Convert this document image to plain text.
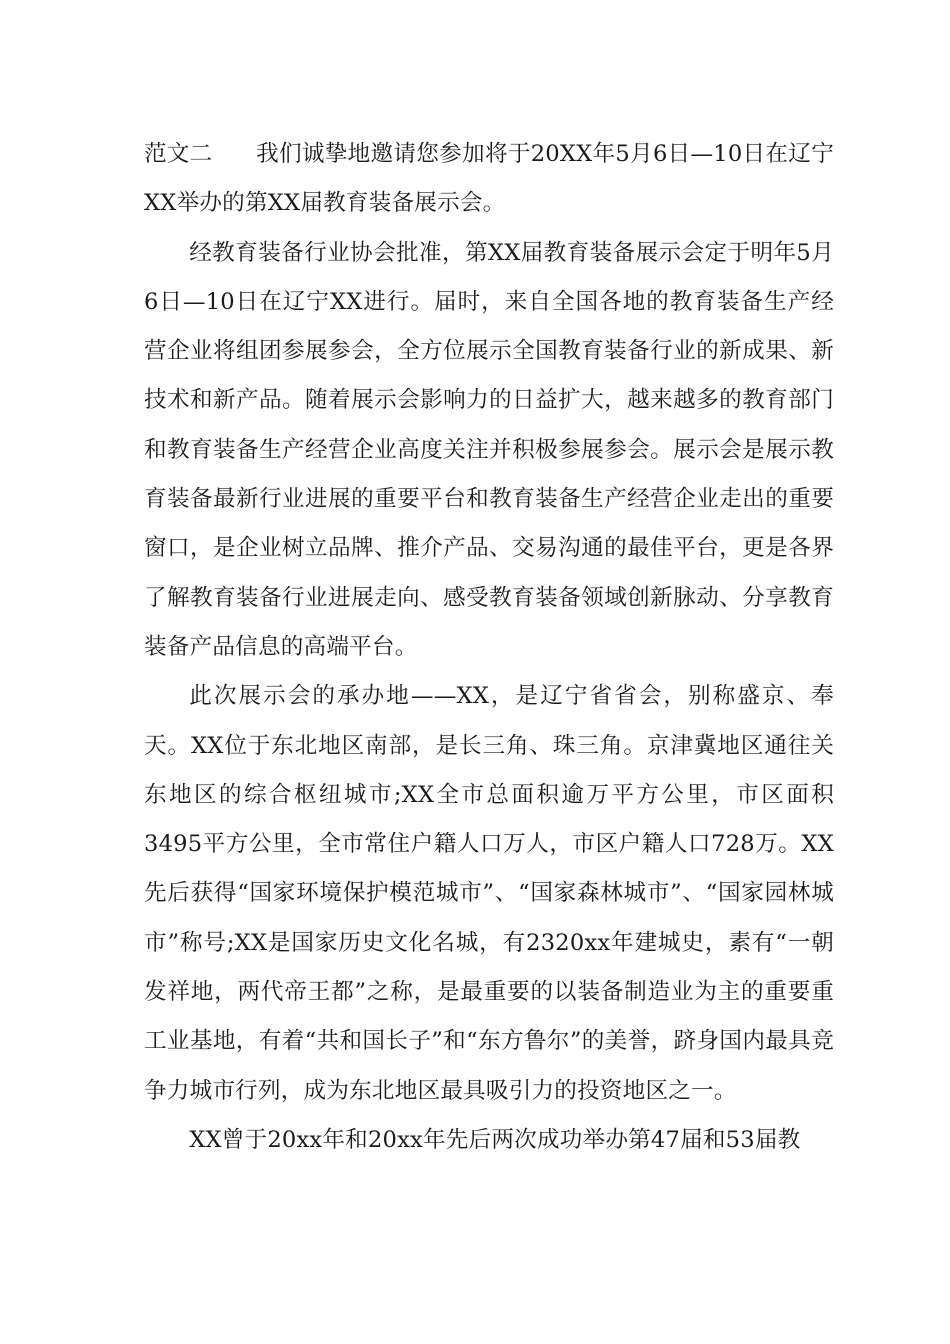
范文二 我们诚挚地邀请您参加将于20XX年5月6日—10日在辽宁XX举办的第XX届教育装备展示会。

经教育装备行业协会批准，第XX届教育装备展示会定于明年5月6日—10日在辽宁XX进行。届时，来自全国各地的教育装备生产经营企业将组团参展参会，全方位展示全国教育装备行业的新成果、新技术和新产品。随着展示会影响力的日益扩大，越来越多的教育部门和教育装备生产经营企业高度关注并积极参展参会。展示会是展示教育装备最新行业进展的重要平台和教育装备生产经营企业走出的重要窗口，是企业树立品牌、推介产品、交易沟通的最佳平台，更是各界了解教育装备行业进展走向、感受教育装备领域创新脉动、分享教育装备产品信息的高端平台。

此次展示会的承办地——XX，是辽宁省省会，别称盛京、奉天。XX位于东北地区南部，是长三角、珠三角。京津冀地区通往关东地区的综合枢纽城市;XX全市总面积逾万平方公里，市区面积3495平方公里，全市常住户籍人口万人，市区户籍人口728万。XX先后获得“国家环境保护模范城市”、“国家森林城市”、“国家园林城市”称号;XX是国家历史文化名城，有2320xx年建城史，素有“一朝发祥地，两代帝王都”之称，是最重要的以装备制造业为主的重要重工业基地，有着“共和国长子”和“东方鲁尔”的美誉，跻身国内最具竞争力城市行列，成为东北地区最具吸引力的投资地区之一。

XX曾于20xx年和20xx年先后两次成功举办第47届和53届教
